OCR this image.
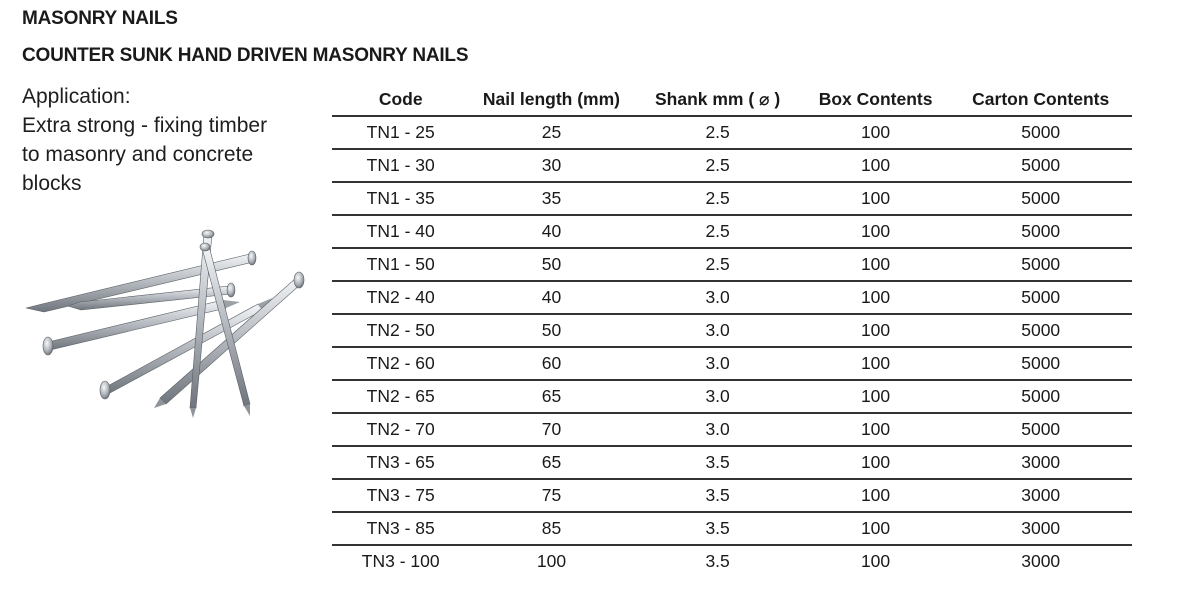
MASONRY NAILS
COUNTER SUNK HAND DRIVEN MASONRY NAILS
Application:
Extra strong - fixing timber
to masonry and concrete
blocks
Code	Nail length (mm)	Shank mm ( ⌀ )	Box Contents	Carton Contents
TN1 - 25	25	2.5	100	5000
TN1 - 30	30	2.5	100	5000
TN1 - 35	35	2.5	100	5000
TN1 - 40	40	2.5	100	5000
TN1 - 50	50	2.5	100	5000
TN2 - 40	40	3.0	100	5000
TN2 - 50	50	3.0	100	5000
TN2 - 60	60	3.0	100	5000
TN2 - 65	65	3.0	100	5000
TN2 - 70	70	3.0	100	5000
TN3 - 65	65	3.5	100	3000
TN3 - 75	75	3.5	100	3000
TN3 - 85	85	3.5	100	3000
TN3 - 100	100	3.5	100	3000
